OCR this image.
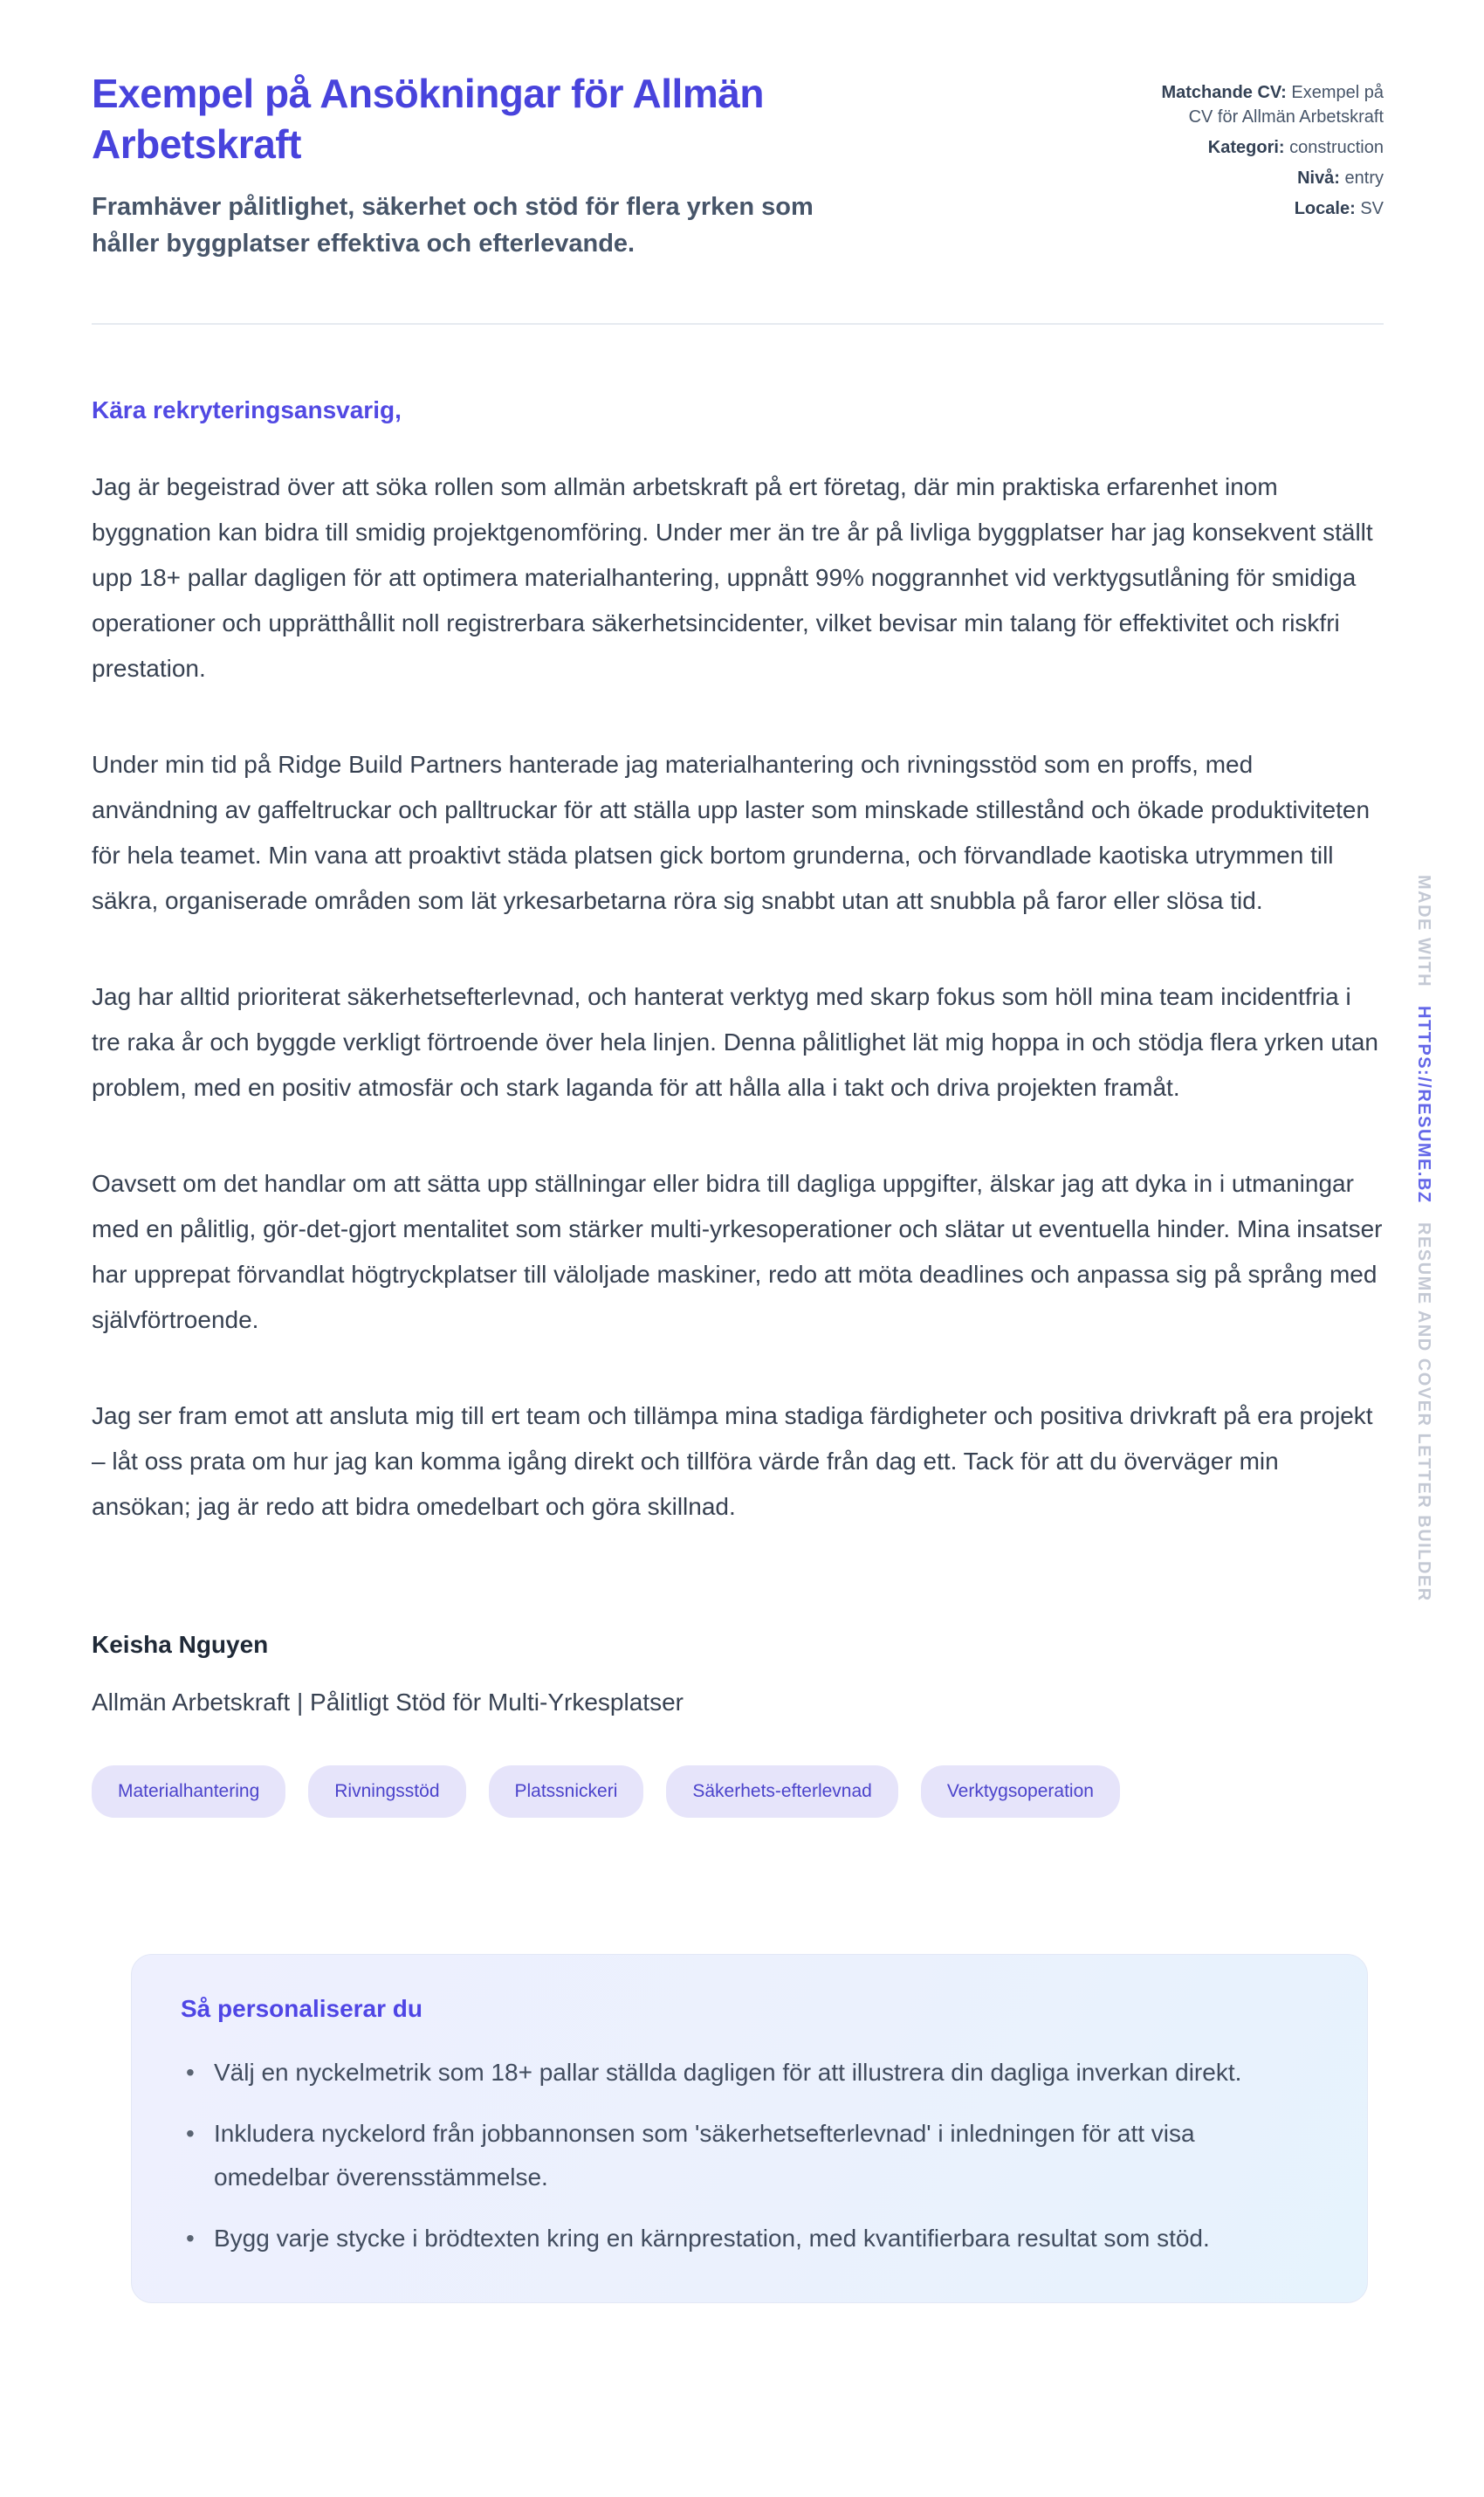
MADE WITH HTTPS://RESUME.BZ RESUME AND COVER LETTER BUILDER
Exempel på Ansökningar för Allmän Arbetskraft

Framhäver pålitlighet, säkerhet och stöd för flera yrken som håller byggplatser effektiva och efterlevande.

Matchande CV: Exempel på CV för Allmän Arbetskraft
Kategori: construction
Nivå: entry
Locale: SV

Kära rekryteringsansvarig,

Jag är begeistrad över att söka rollen som allmän arbetskraft på ert företag, där min praktiska erfarenhet inom byggnation kan bidra till smidig projektgenomföring. Under mer än tre år på livliga byggplatser har jag konsekvent ställt upp 18+ pallar dagligen för att optimera materialhantering, uppnått 99% noggrannhet vid verktygsutlåning för smidiga operationer och upprätthållit noll registrerbara säkerhetsincidenter, vilket bevisar min talang för effektivitet och riskfri prestation.

Under min tid på Ridge Build Partners hanterade jag materialhantering och rivningsstöd som en proffs, med användning av gaffeltruckar och palltruckar för att ställa upp laster som minskade stillestånd och ökade produktiviteten för hela teamet. Min vana att proaktivt städa platsen gick bortom grunderna, och förvandlade kaotiska utrymmen till säkra, organiserade områden som lät yrkesarbetarna röra sig snabbt utan att snubbla på faror eller slösa tid.

Jag har alltid prioriterat säkerhetsefterlevnad, och hanterat verktyg med skarp fokus som höll mina team incidentfria i tre raka år och byggde verkligt förtroende över hela linjen. Denna pålitlighet lät mig hoppa in och stödja flera yrken utan problem, med en positiv atmosfär och stark laganda för att hålla alla i takt och driva projekten framåt.

Oavsett om det handlar om att sätta upp ställningar eller bidra till dagliga uppgifter, älskar jag att dyka in i utmaningar med en pålitlig, gör-det-gjort mentalitet som stärker multi-yrkesoperationer och slätar ut eventuella hinder. Mina insatser har upprepat förvandlat högtryckplatser till väloljade maskiner, redo att möta deadlines och anpassa sig på språng med självförtroende.

Jag ser fram emot att ansluta mig till ert team och tillämpa mina stadiga färdigheter och positiva drivkraft på era projekt – låt oss prata om hur jag kan komma igång direkt och tillföra värde från dag ett. Tack för att du överväger min ansökan; jag är redo att bidra omedelbart och göra skillnad.

Keisha Nguyen

Allmän Arbetskraft | Pålitligt Stöd för Multi-Yrkesplatser

Materialhantering	Rivningsstöd	Platssnickeri	Säkerhets-efterlevnad	Verktygsoperation
Så personaliserar du
• Välj en nyckelmetrik som 18+ pallar ställda dagligen för att illustrera din dagliga inverkan direkt.
• Inkludera nyckelord från jobbannonsen som 'säkerhetsefterlevnad' i inledningen för att visa omedelbar överensstämmelse.
• Bygg varje stycke i brödtexten kring en kärnprestation, med kvantifierbara resultat som stöd.
